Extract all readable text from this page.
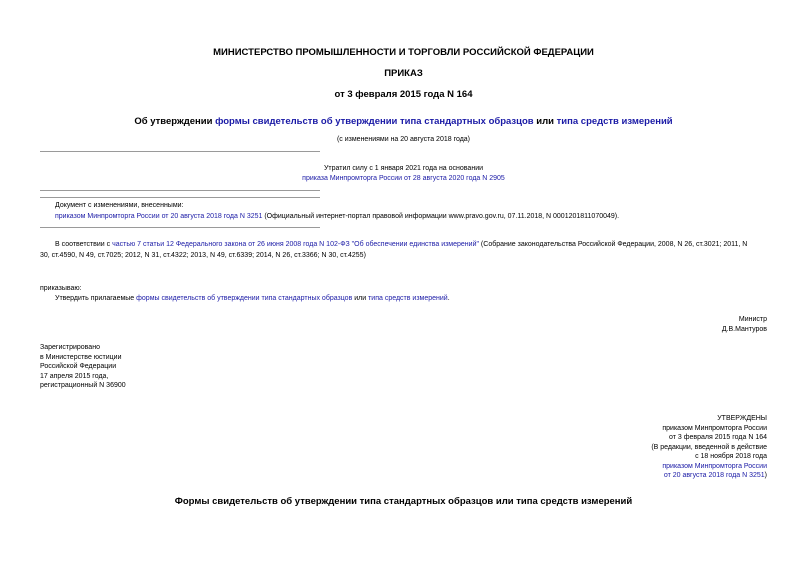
МИНИСТЕРСТВО ПРОМЫШЛЕННОСТИ И ТОРГОВЛИ РОССИЙСКОЙ ФЕДЕРАЦИИ
ПРИКАЗ
от 3 февраля 2015 года N 164
Об утверждении формы свидетельств об утверждении типа стандартных образцов или типа средств измерений
(с изменениями на 20 августа 2018 года)
Утратил силу с 1 января 2021 года на основании
приказа Минпромторга России от 28 августа 2020 года N 2905
Документ с изменениями, внесенными:
приказом Минпромторга России от 20 августа 2018 года N 3251 (Официальный интернет-портал правовой информации www.pravo.gov.ru, 07.11.2018, N 0001201811070049).
В соответствии с частью 7 статьи 12 Федерального закона от 26 июня 2008 года N 102-ФЗ "Об обеспечении единства измерений" (Собрание законодательства Российской Федерации, 2008, N 26, ст.3021; 2011, N
30, ст.4590, N 49, ст.7025; 2012, N 31, ст.4322; 2013, N 49, ст.6339; 2014, N 26, ст.3366; N 30, ст.4255)
приказываю:
Утвердить прилагаемые формы свидетельств об утверждении типа стандартных образцов или типа средств измерений.
Министр
Д.В.Мантуров
Зарегистрировано
в Министерстве юстиции
Российской Федерации
17 апреля 2015 года,
регистрационный N 36900
УТВЕРЖДЕНЫ
приказом Минпромторга России
от 3 февраля 2015 года N 164
(В редакции, введенной в действие
с 18 ноября 2018 года
приказом Минпромторга России
от 20 августа 2018 года N 3251)
Формы свидетельств об утверждении типа стандартных образцов или типа средств измерений
